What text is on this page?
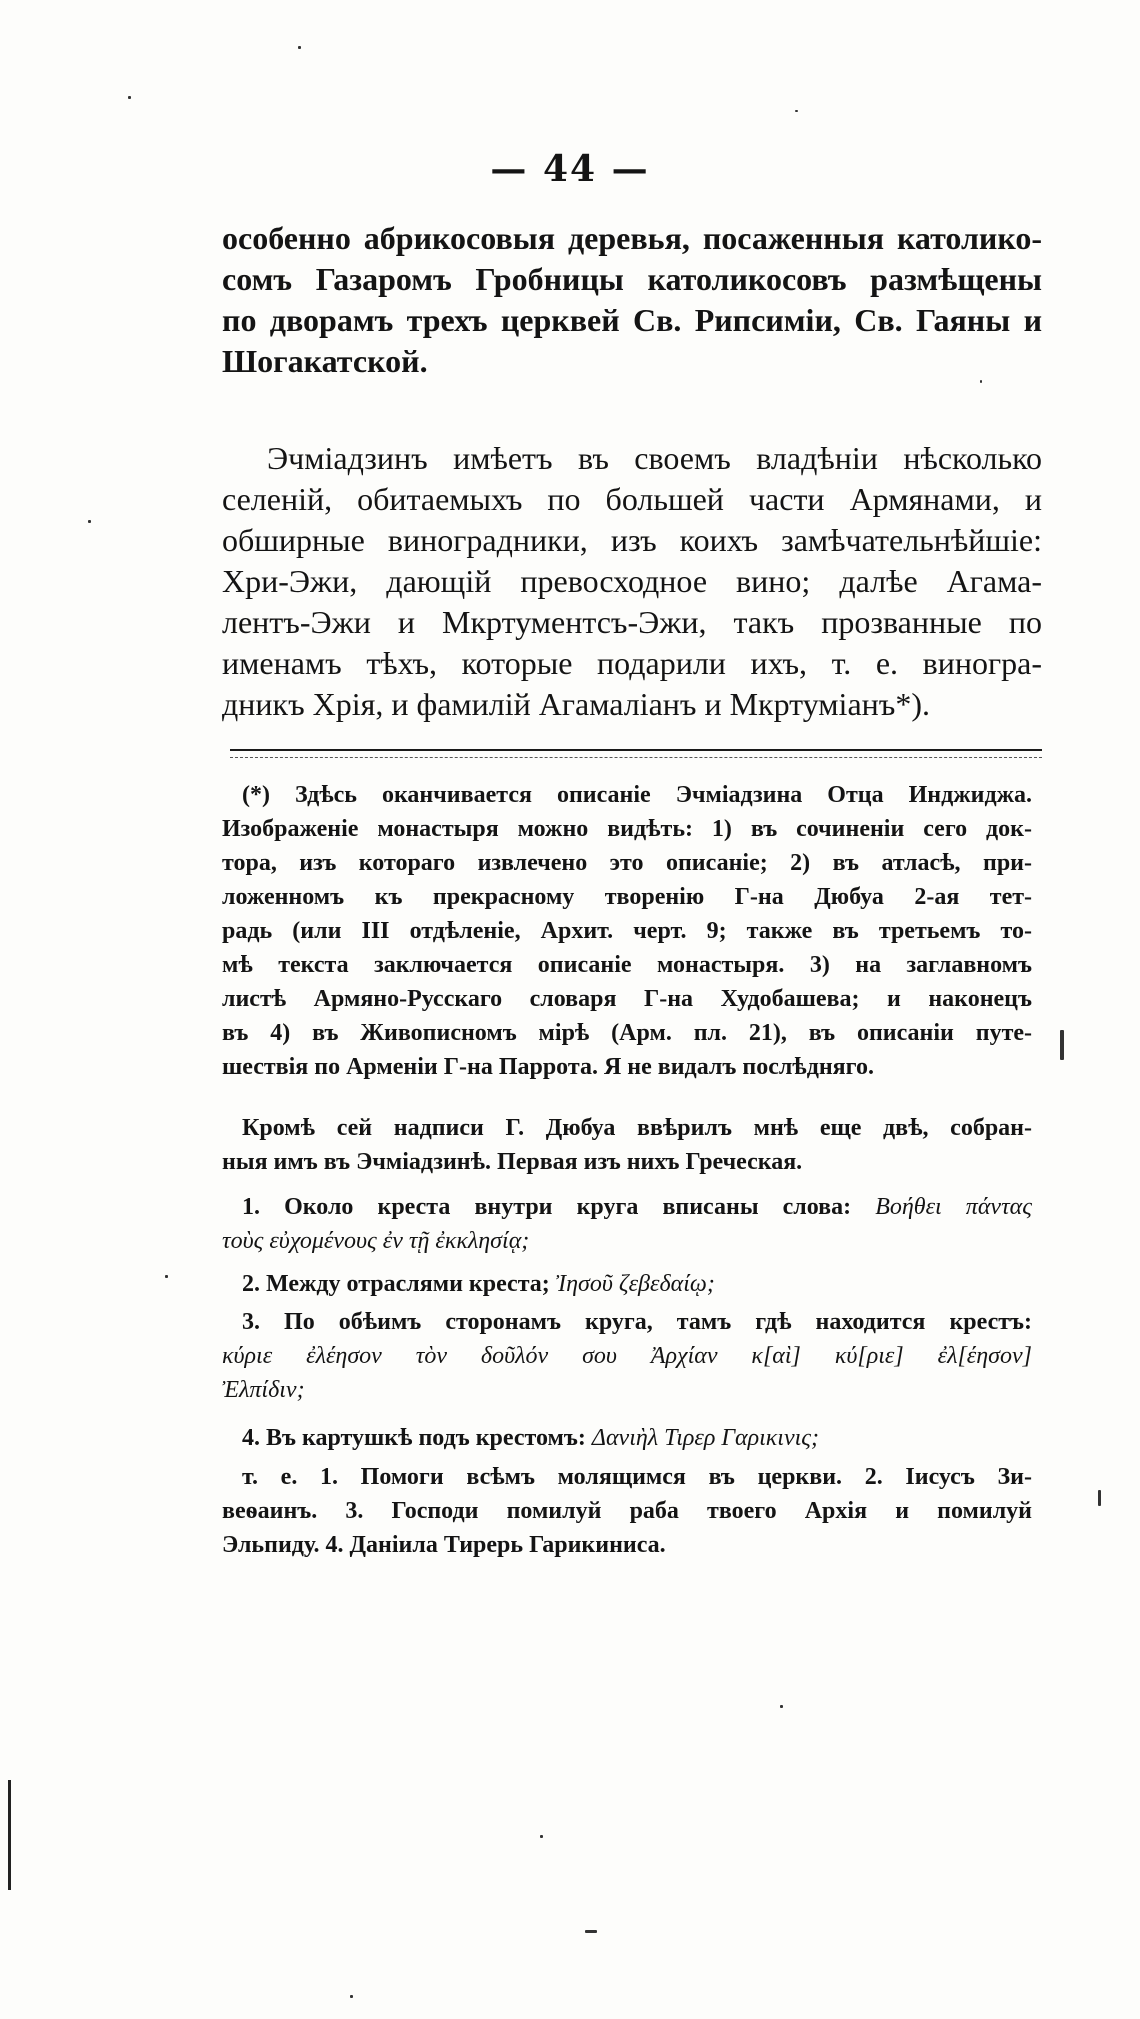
— 44 —
особенно абрикосовыя деревья, посаженныя католико-
сомъ Газаромъ Гробницы католикосовъ размѣщены
по дворамъ трехъ церквей Св. Рипсиміи, Св. Гаяны и
Шогакатской.
Эчміадзинъ имѣетъ въ своемъ владѣніи нѣсколько
селеній, обитаемыхъ по большей части Армянами, и
обширные виноградники, изъ коихъ замѣчательнѣйшіе:
Хри-Эжи, дающій превосходное вино; далѣе Агама-
лентъ-Эжи и Мкртументсъ-Эжи, такъ прозванные по
именамъ тѣхъ, которые подарили ихъ, т. е. виногра-
дникъ Хрія, и фамилій Агамаліанъ и Мкртуміанъ*).
(*) Здѣсь оканчивается описаніе Эчміадзина Отца Инджиджа.
Изображеніе монастыря можно видѣть: 1) въ сочиненіи сего док-
тора, изъ котораго извлечено это описаніе; 2) въ атласѣ, при-
ложенномъ къ прекрасному творенію Г-на Дюбуа 2-ая тет-
радь (или III отдѣленіе, Архит. черт. 9; также въ третьемъ то-
мѣ текста заключается описаніе монастыря. 3) на заглавномъ
листѣ Армяно-Русскаго словаря Г-на Худобашева; и наконецъ
въ 4) въ Живописномъ мірѣ (Арм. пл. 21), въ описаніи путе-
шествія по Арменіи Г-на Паррота. Я не видалъ послѣдняго.
Кромѣ сей надписи Г. Дюбуа ввѣрилъ мнѣ еще двѣ, собран-
ныя имъ въ Эчміадзинѣ. Первая изъ нихъ Греческая.
1. Около креста внутри круга вписаны слова: Βοήθει πάντας
τοὺς εὐχομένους ἐν τῇ ἐκκλησίᾳ;
2. Между отраслями креста; Ἰησοῦ ζεβεδαίῳ;
3. По обѣимъ сторонамъ круга, тамъ гдѣ находится крестъ:
κύριε ἐλέησον τὸν δοῦλόν σου Ἀρχίαν κ[αὶ] κύ[ριε] ἐλ[έησον]
Ἐλπίδιν;
4. Въ картушкѣ подъ крестомъ: Δανιὴλ Τιρερ Γαρικινις;
т. е. 1. Помоги всѣмъ молящимся въ церкви. 2. Іисусъ Зи-
веѳаинъ. 3. Господи помилуй раба твоего Архія и помилуй
Эльпиду. 4. Даніила Тирерь Гарикиниса.
